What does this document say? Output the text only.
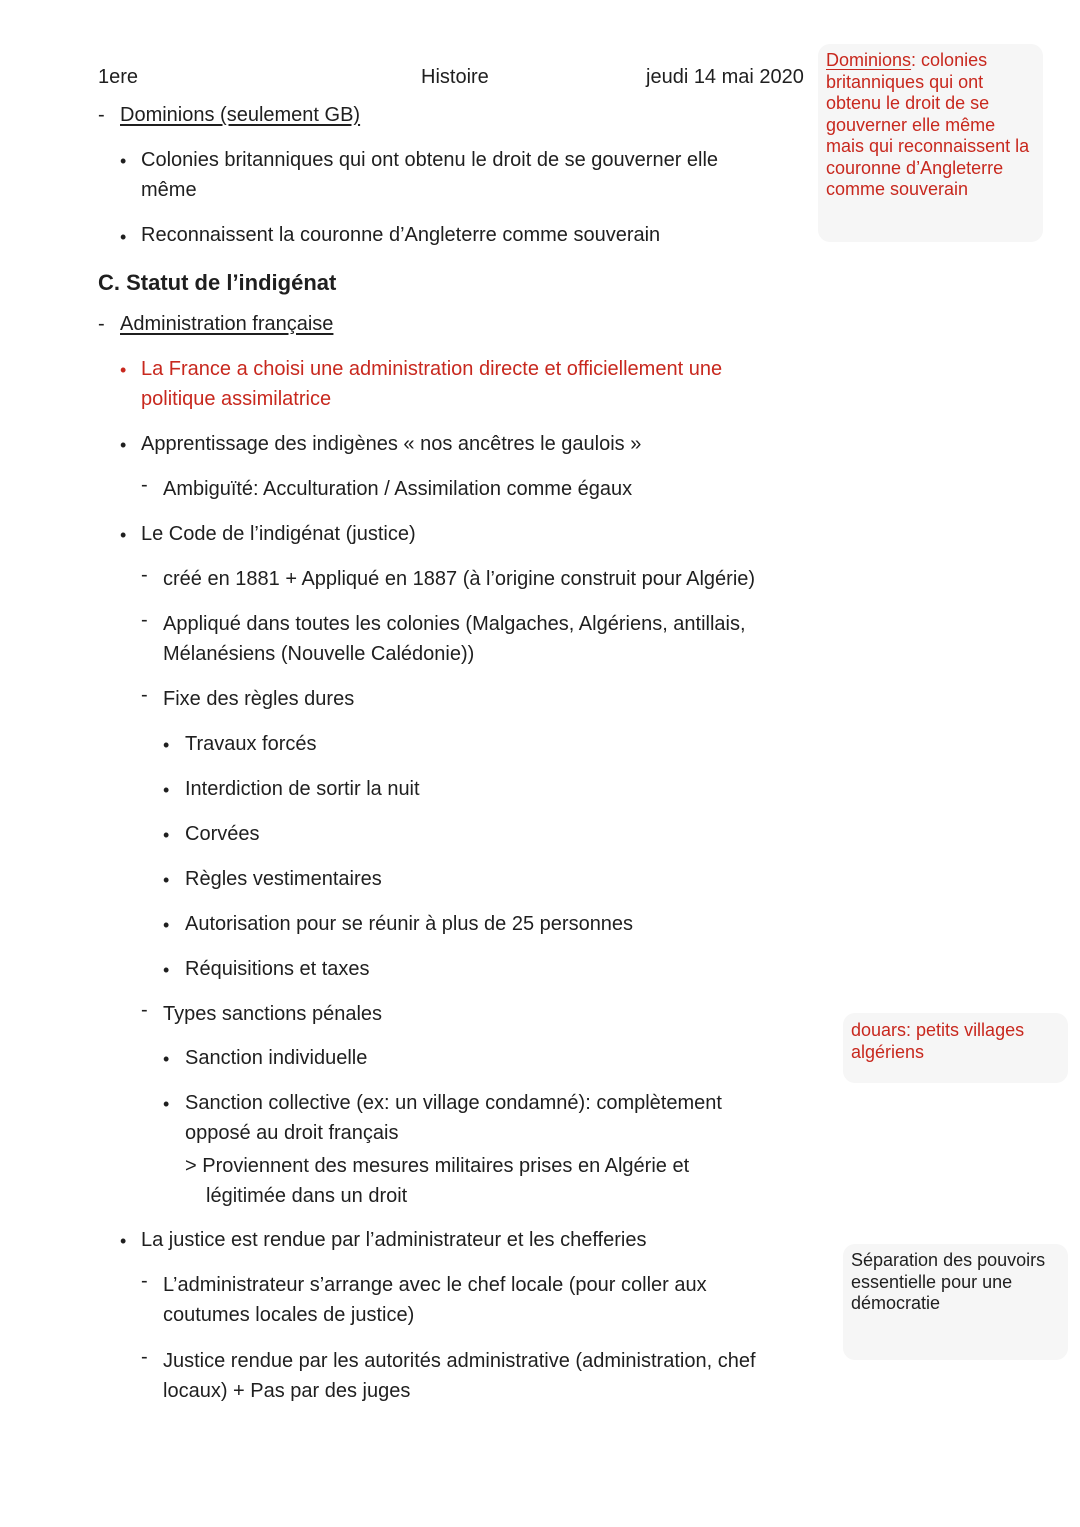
1ere	Histoire	jeudi 14 mai 2020
- Dominions (seulement GB)
• Colonies britanniques qui ont obtenu le droit de se gouverner elle
même
• Reconnaissent la couronne d’Angleterre comme souverain
C. Statut de l’indigénat
- Administration française
• La France a choisi une administration directe et officiellement une
politique assimilatrice
• Apprentissage des indigènes « nos ancêtres le gaulois »
- Ambiguïté: Acculturation / Assimilation comme égaux
• Le Code de l’indigénat (justice)
- créé en 1881 + Appliqué en 1887 (à l’origine construit pour Algérie)
- Appliqué dans toutes les colonies (Malgaches, Algériens, antillais,
Mélanésiens (Nouvelle Calédonie))
- Fixe des règles dures
• Travaux forcés
• Interdiction de sortir la nuit
• Corvées
• Règles vestimentaires
• Autorisation pour se réunir à plus de 25 personnes
• Réquisitions et taxes
- Types sanctions pénales
• Sanction individuelle
• Sanction collective (ex: un village condamné): complètement
opposé au droit français
> Proviennent des mesures militaires prises en Algérie et
légitimée dans un droit
• La justice est rendue par l’administrateur et les chefferies
- L’administrateur s’arrange avec le chef locale (pour coller aux
coutumes locales de justice)
- Justice rendue par les autorités administrative (administration, chef
locaux) + Pas par des juges
Dominions: colonies britanniques qui ont obtenu le droit de se gouverner elle même mais qui reconnaissent la couronne d’Angleterre comme souverain
douars: petits villages algériens
Séparation des pouvoirs essentielle pour une démocratie
